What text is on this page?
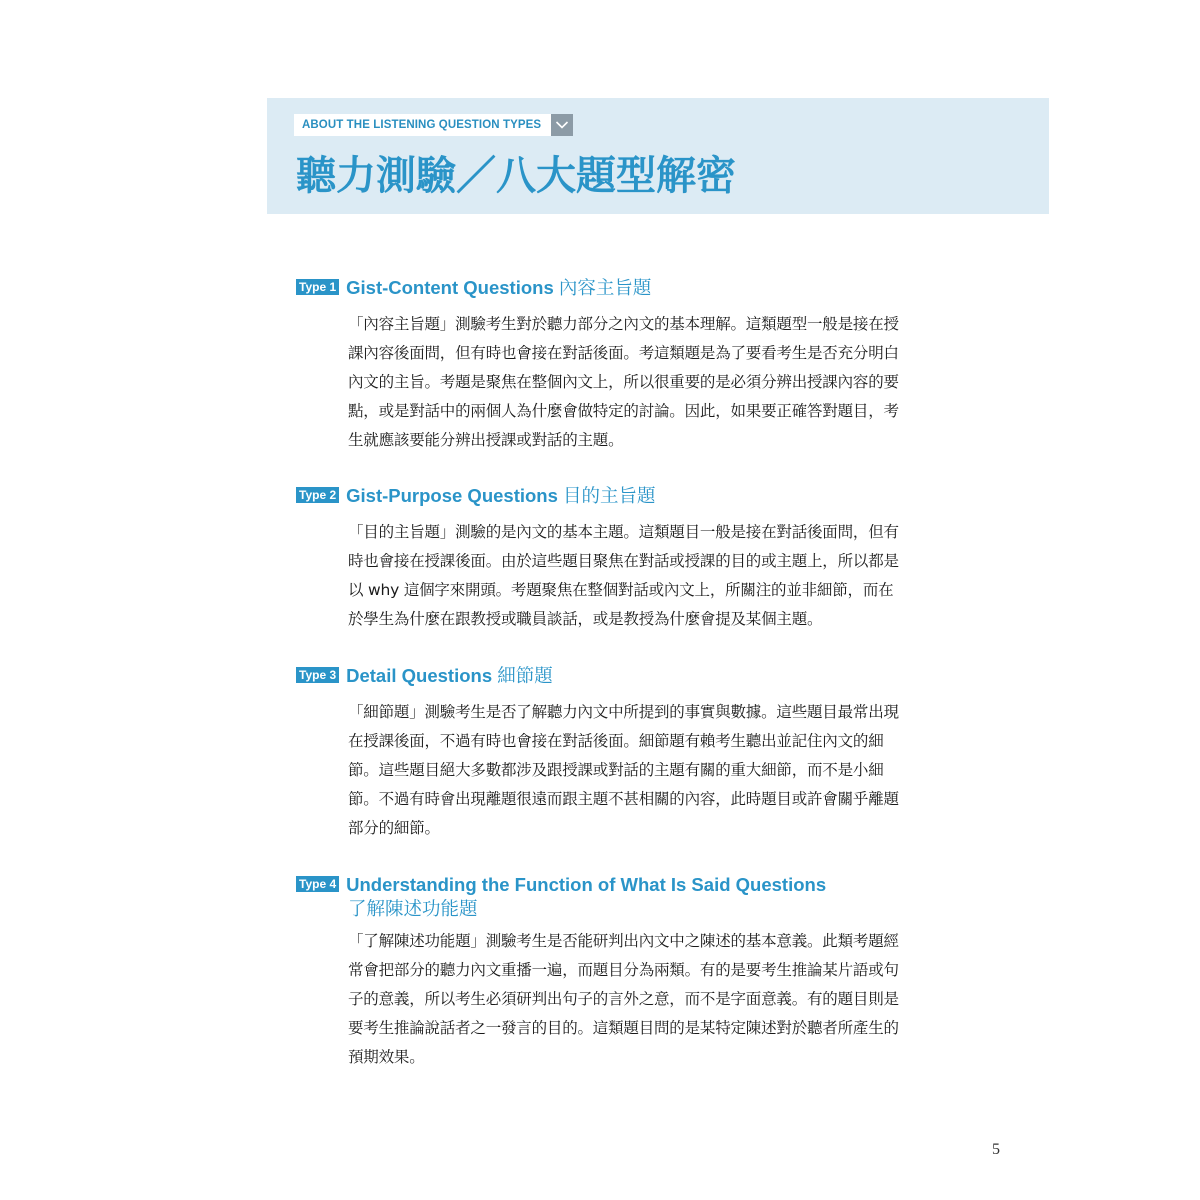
ABOUT THE LISTENING QUESTION TYPES
聽力測驗／八大題型解密
Type 1 Gist-Content Questions 內容主旨題
「內容主旨題」測驗考生對於聽力部分之內文的基本理解。這類題型一般是接在授
課內容後面問，但有時也會接在對話後面。考這類題是為了要看考生是否充分明白
內文的主旨。考題是聚焦在整個內文上，所以很重要的是必須分辨出授課內容的要
點，或是對話中的兩個人為什麼會做特定的討論。因此，如果要正確答對題目，考
生就應該要能分辨出授課或對話的主題。
Type 2 Gist-Purpose Questions 目的主旨題
「目的主旨題」測驗的是內文的基本主題。這類題目一般是接在對話後面問，但有
時也會接在授課後面。由於這些題目聚焦在對話或授課的目的或主題上，所以都是
以 why 這個字來開頭。考題聚焦在整個對話或內文上，所關注的並非細節，而在
於學生為什麼在跟教授或職員談話，或是教授為什麼會提及某個主題。
Type 3 Detail Questions 細節題
「細節題」測驗考生是否了解聽力內文中所提到的事實與數據。這些題目最常出現
在授課後面，不過有時也會接在對話後面。細節題有賴考生聽出並記住內文的細
節。這些題目絕大多數都涉及跟授課或對話的主題有關的重大細節，而不是小細
節。不過有時會出現離題很遠而跟主題不甚相關的內容，此時題目或許會關乎離題
部分的細節。
Type 4 Understanding the Function of What Is Said Questions
了解陳述功能題
「了解陳述功能題」測驗考生是否能研判出內文中之陳述的基本意義。此類考題經
常會把部分的聽力內文重播一遍，而題目分為兩類。有的是要考生推論某片語或句
子的意義，所以考生必須研判出句子的言外之意，而不是字面意義。有的題目則是
要考生推論說話者之一發言的目的。這類題目問的是某特定陳述對於聽者所產生的
預期效果。
5
